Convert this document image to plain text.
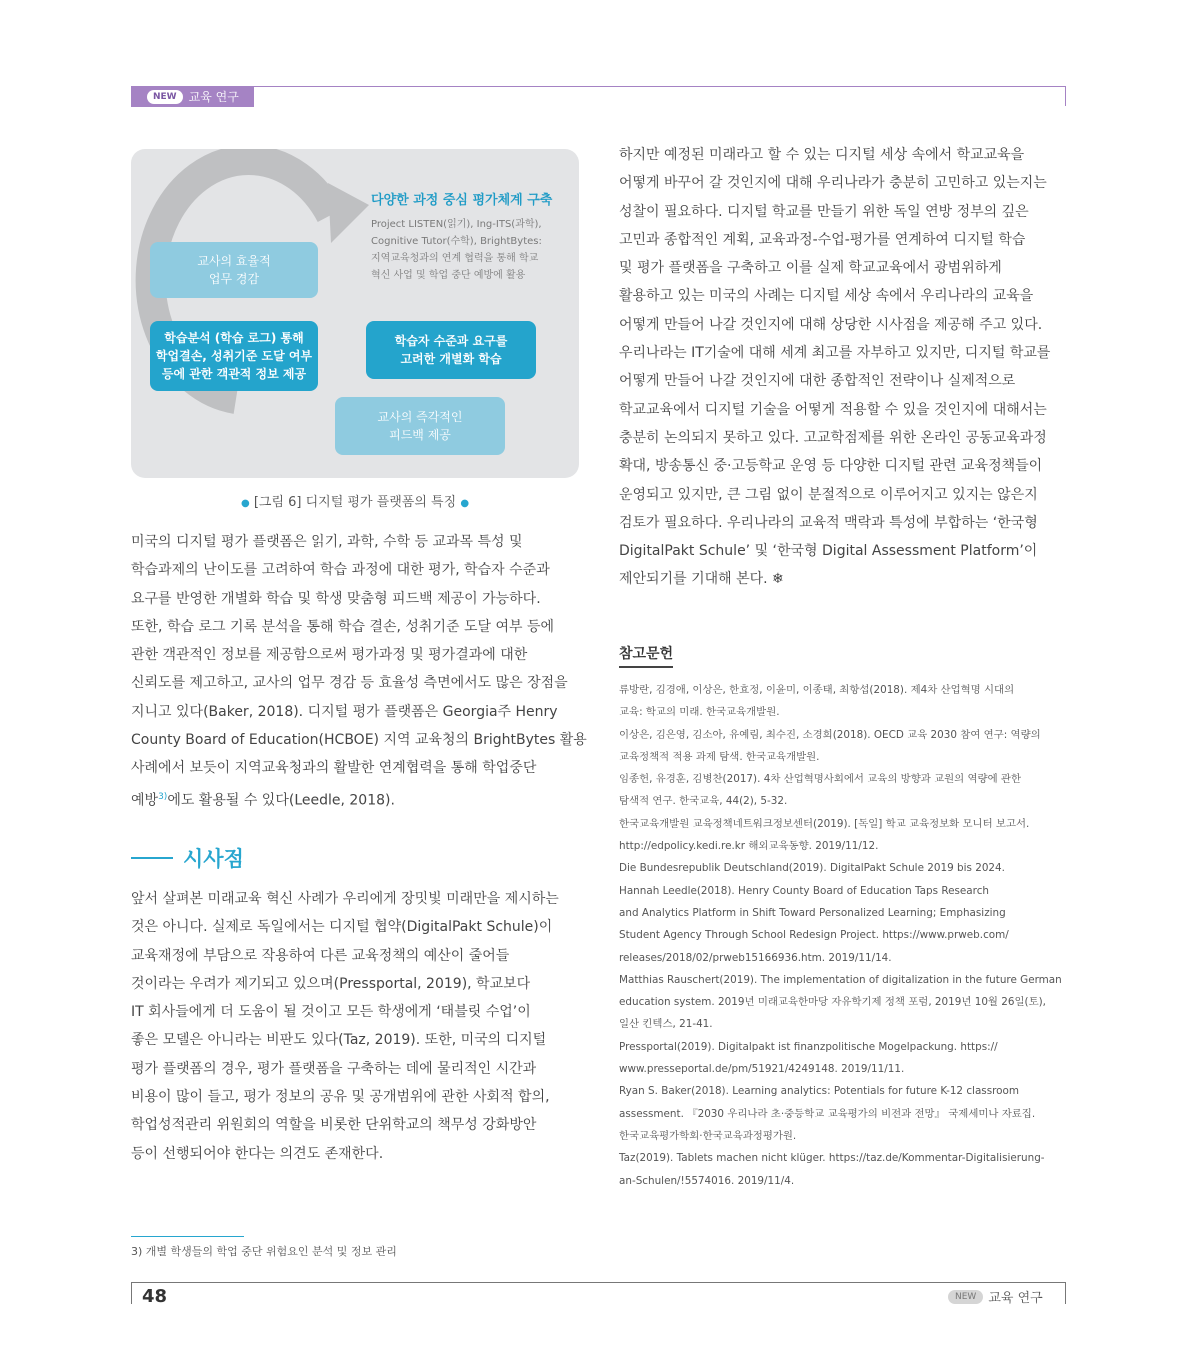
NEW	교육 연구
다양한 과정 중심 평가체계 구축
Project LISTEN(읽기), Ing-ITS(과학),
Cognitive Tutor(수학), BrightBytes:
지역교육청과의 연계 협력을 통해 학교
혁신 사업 및 학업 중단 예방에 활용
교사의 효율적
업무 경감
학습분석 (학습 로그) 통해
학업결손, 성취기준 도달 여부
등에 관한 객관적 정보 제공
학습자 수준과 요구를
고려한 개별화 학습
교사의 즉각적인
피드백 제공
● [그림 6] 디지털 평가 플랫폼의 특징 ●
미국의 디지털 평가 플랫폼은 읽기, 과학, 수학 등 교과목 특성 및
학습과제의 난이도를 고려하여 학습 과정에 대한 평가, 학습자 수준과
요구를 반영한 개별화 학습 및 학생 맞춤형 피드백 제공이 가능하다.
또한, 학습 로그 기록 분석을 통해 학습 결손, 성취기준 도달 여부 등에
관한 객관적인 정보를 제공함으로써 평가과정 및 평가결과에 대한
신뢰도를 제고하고, 교사의 업무 경감 등 효율성 측면에서도 많은 장점을
지니고 있다(Baker, 2018). 디지털 평가 플랫폼은 Georgia주 Henry
County Board of Education(HCBOE) 지역 교육청의 BrightBytes 활용
사례에서 보듯이 지역교육청과의 활발한 연계협력을 통해 학업중단
예방$^{3)}$에도 활용될 수 있다(Leedle, 2018).
시사점
앞서 살펴본 미래교육 혁신 사례가 우리에게 장밋빛 미래만을 제시하는
것은 아니다. 실제로 독일에서는 디지털 협약(DigitalPakt Schule)이
교육재정에 부담으로 작용하여 다른 교육정책의 예산이 줄어들
것이라는 우려가 제기되고 있으며(Pressportal, 2019), 학교보다
IT 회사들에게 더 도움이 될 것이고 모든 학생에게 ‘태블릿 수업’이
좋은 모델은 아니라는 비판도 있다(Taz, 2019). 또한, 미국의 디지털
평가 플랫폼의 경우, 평가 플랫폼을 구축하는 데에 물리적인 시간과
비용이 많이 들고, 평가 정보의 공유 및 공개범위에 관한 사회적 합의,
학업성적관리 위원회의 역할을 비롯한 단위학교의 책무성 강화방안
등이 선행되어야 한다는 의견도 존재한다.
하지만 예정된 미래라고 할 수 있는 디지털 세상 속에서 학교교육을
어떻게 바꾸어 갈 것인지에 대해 우리나라가 충분히 고민하고 있는지는
성찰이 필요하다. 디지털 학교를 만들기 위한 독일 연방 정부의 깊은
고민과 종합적인 계획, 교육과정-수업-평가를 연계하여 디지털 학습
및 평가 플랫폼을 구축하고 이를 실제 학교교육에서 광범위하게
활용하고 있는 미국의 사례는 디지털 세상 속에서 우리나라의 교육을
어떻게 만들어 나갈 것인지에 대해 상당한 시사점을 제공해 주고 있다.
우리나라는 IT기술에 대해 세계 최고를 자부하고 있지만, 디지털 학교를
어떻게 만들어 나갈 것인지에 대한 종합적인 전략이나 실제적으로
학교교육에서 디지털 기술을 어떻게 적용할 수 있을 것인지에 대해서는
충분히 논의되지 못하고 있다. 고교학점제를 위한 온라인 공동교육과정
확대, 방송통신 중·고등학교 운영 등 다양한 디지털 관련 교육정책들이
운영되고 있지만, 큰 그림 없이 분절적으로 이루어지고 있지는 않은지
검토가 필요하다. 우리나라의 교육적 맥락과 특성에 부합하는 ‘한국형
DigitalPakt Schule’ 및 ‘한국형 Digital Assessment Platform’이
제안되기를 기대해 본다. ❄
참고문헌
류방란, 김경애, 이상은, 한효정, 이윤미, 이종태, 최항섭(2018). 제4차 산업혁명 시대의
교육: 학교의 미래. 한국교육개발원.
이상은, 김은영, 김소아, 유예림, 최수진, 소경희(2018). OECD 교육 2030 참여 연구: 역량의
교육정책적 적용 과제 탐색. 한국교육개발원.
임종헌, 유경훈, 김병찬(2017). 4차 산업혁명사회에서 교육의 방향과 교원의 역량에 관한
탐색적 연구. 한국교육, 44(2), 5-32.
한국교육개발원 교육정책네트워크정보센터(2019). [독일] 학교 교육정보화 모니터 보고서.
http://edpolicy.kedi.re.kr 해외교육동향. 2019/11/12.
Die Bundesrepublik Deutschland(2019). DigitalPakt Schule 2019 bis 2024.
Hannah Leedle(2018). Henry County Board of Education Taps Research
and Analytics Platform in Shift Toward Personalized Learning; Emphasizing
Student Agency Through School Redesign Project. https://www.prweb.com/
releases/2018/02/prweb15166936.htm. 2019/11/14.
Matthias Rauschert(2019). The implementation of digitalization in the future German
education system. 2019년 미래교육한마당 자유학기제 정책 포럼, 2019년 10월 26일(토),
일산 킨텍스, 21-41.
Pressportal(2019). Digitalpakt ist finanzpolitische Mogelpackung. https://
www.presseportal.de/pm/51921/4249148. 2019/11/11.
Ryan S. Baker(2018). Learning analytics: Potentials for future K-12 classroom
assessment. 『2030 우리나라 초·중등학교 교육평가의 비전과 전망』 국제세미나 자료집.
한국교육평가학회·한국교육과정평가원.
Taz(2019). Tablets machen nicht klüger. https://taz.de/Kommentar-Digitalisierung-
an-Schulen/!5574016. 2019/11/4.
3) 개별 학생들의 학업 중단 위험요인 분석 및 정보 관리
48	NEW 교육 연구
